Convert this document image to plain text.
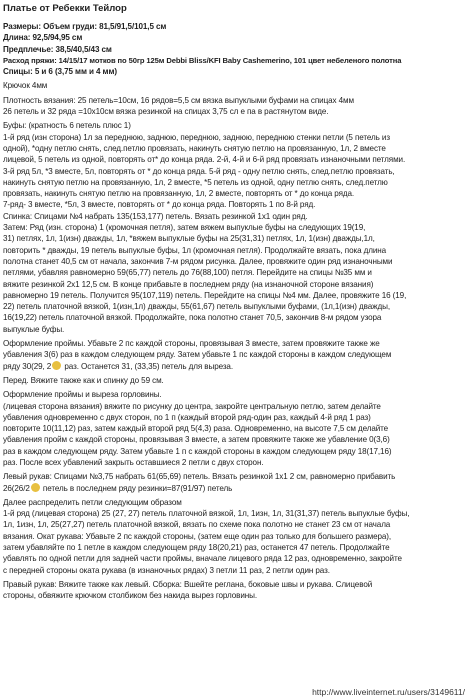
Платье от Ребекки Тейлор
Размеры: Объем груди: 81,5/91,5/101,5 см
Длина: 92,5/94,95 см
Предплечье: 38,5/40,5/43 см
Расход пряжи: 14/15/17 мотков по 50гр 125м Debbi Bliss/KFI Baby Cashemerino, 101 цвет небеленого полотна
Спицы: 5 и 6 (3,75 мм и 4 мм)
Крючок 4мм
Плотность вязания: 25 петель=10см, 16 рядов=5,5 см вязка выпуклыми буфами на спицах 4мм
26 петель и 32 ряда =10х10см вязка резинкой на спицах 3,75 сл е па в растянутом виде.
Буфы: (кратность 6 петель плюс 1)
1-й ряд (изн сторона) 1л за переднюю, заднюю, переднюю, заднюю, переднюю стенки петли (5 петель из
одной), *одну петлю снять, след.петлю провязать, накинуть снятую петлю на провязанную, 1л, 2 вместе
лицевой, 5 петель из одной, повторять от* до конца ряда. 2-й, 4-й и 6-й ряд провязать изнаночными петлями.
3-й ряд 5л, *3 вместе, 5л, повторять от * до конца ряда. 5-й ряд - одну петлю снять, след.петлю провязать,
накинуть снятую петлю на провязанную, 1л, 2 вместе, *5 петель из одной, одну петлю снять, след.петлю
провязать, накинуть снятую петлю на провязанную, 1л, 2 вместе, повторять от * до конца ряда.
7-ряд- 3 вместе, *5л, 3 вместе, повторять от * до конца ряда. Повторять 1 по 8-й ряд.
Спинка: Спицами №4 набрать 135(153,177) петель. Вязать резинкой 1х1 один ряд.
Затем: Ряд (изн. сторона) 1 (кромочная петля), затем вяжем выпуклые буфы на следующих 19(19,
31) петлях, 1л, 1(изн) дважды, 1л, *вяжем выпуклые буфы на 25(31,31) петлях, 1л, 1(изн) дважды,1л,
повторить * дважды, 19 петель выпуклые буфы, 1л (кромочная петля). Продолжайте вязать, пока длина
полотна станет 40,5 см от начала, закончив 7-м рядом рисунка. Далее, провяжите один ряд изнаночными
петлями, убавляя равномерно 59(65,77) петель до 76(88,100) петля. Перейдите на спицы №35 мм и
вяжите резинкой 2х1 12,5 см. В конце прибавьте в последнем ряду (на изнаночной стороне вязания)
равномерно 19 петель. Получится 95(107,119) петель. Перейдите на спицы №4 мм. Далее, провяжите 16 (19,
22) петель платочной вязкой, 1(изн,1л) дважды, 55(61,67) петель выпуклыми буфами, (1л,1(изн) дважды,
16(19,22) петель платочной вязкой. Продолжайте, пока полотно станет 70,5, закончив 8-м рядом узора
выпуклые буфы.
Оформление проймы. Убавьте 2 пс каждой стороны, провязывая 3 вместе, затем провяжите также же
убавления 3(6) раз в каждом следующем ряду. Затем убавьте 1 пс каждой стороны в каждом следующем
ряду 30(29, 2 раз. Останется 31, (33,35) петель для выреза.
Перед. Вяжите также как и спинку до 59 см.
Оформление проймы и выреза горловины.
(лицевая сторона вязания) вяжите по рисунку до центра, закройте центральную петлю, затем делайте
убавления одновременно с двух сторон, по 1 п (каждый второй ряд-один раз, каждый 4-й ряд 1 раз)
повторите 10(11,12) раз, затем каждый второй ряд 5(4,3) раза. Одновременно, на высоте 7,5 см делайте
убавления пройм с каждой стороны, провязывая 3 вместе, а затем провяжите также же убавление 0(3,6)
раз в каждом следующем ряду. Затем убавьте 1 п с каждой стороны в каждом следующем ряду 18(17,16)
раз. После всех убавлений закрыть оставшиеся 2 петли с двух сторон.
Левый рукав: Спицами №3,75 набрать 61(65,69) петель. Вязать резинкой 1х1 2 см, равномерно прибавить
26(26/2 петель в последнем ряду резинки=87(91/97) петель
Далее распределить петли следующим образом
1-й ряд (лицевая сторона) 25 (27, 27) петель платочной вязкой, 1л, 1изн, 1л, 31(31,37) петель выпуклые буфы,
1л, 1изн, 1л, 25(27,27) петель платочной вязкой, вязать по схеме пока полотно не станет 23 см от начала
вязания. Окат рукава: Убавьте 2 пс каждой стороны, (затем еще один раз только для большего размера),
затем убавляйте по 1 петле в каждом следующем ряду 18(20,21) раз, останется 47 петель. Продолжайте
убавлять по одной петли для задней части проймы, вначале лицевого ряда 12 раз, одновременно, закройте
с передней стороны оката рукава (в изнаночных рядах) 3 петли 11 раз, 2 петли один раз.
Правый рукав: Вяжите также как левый. Сборка: Вшейте реглана, боковые швы и рукава. Слицевой
стороны, обвяжите крючком столбиком без накида вырез горловины.
http://www.liveinternet.ru/users/3149611/
